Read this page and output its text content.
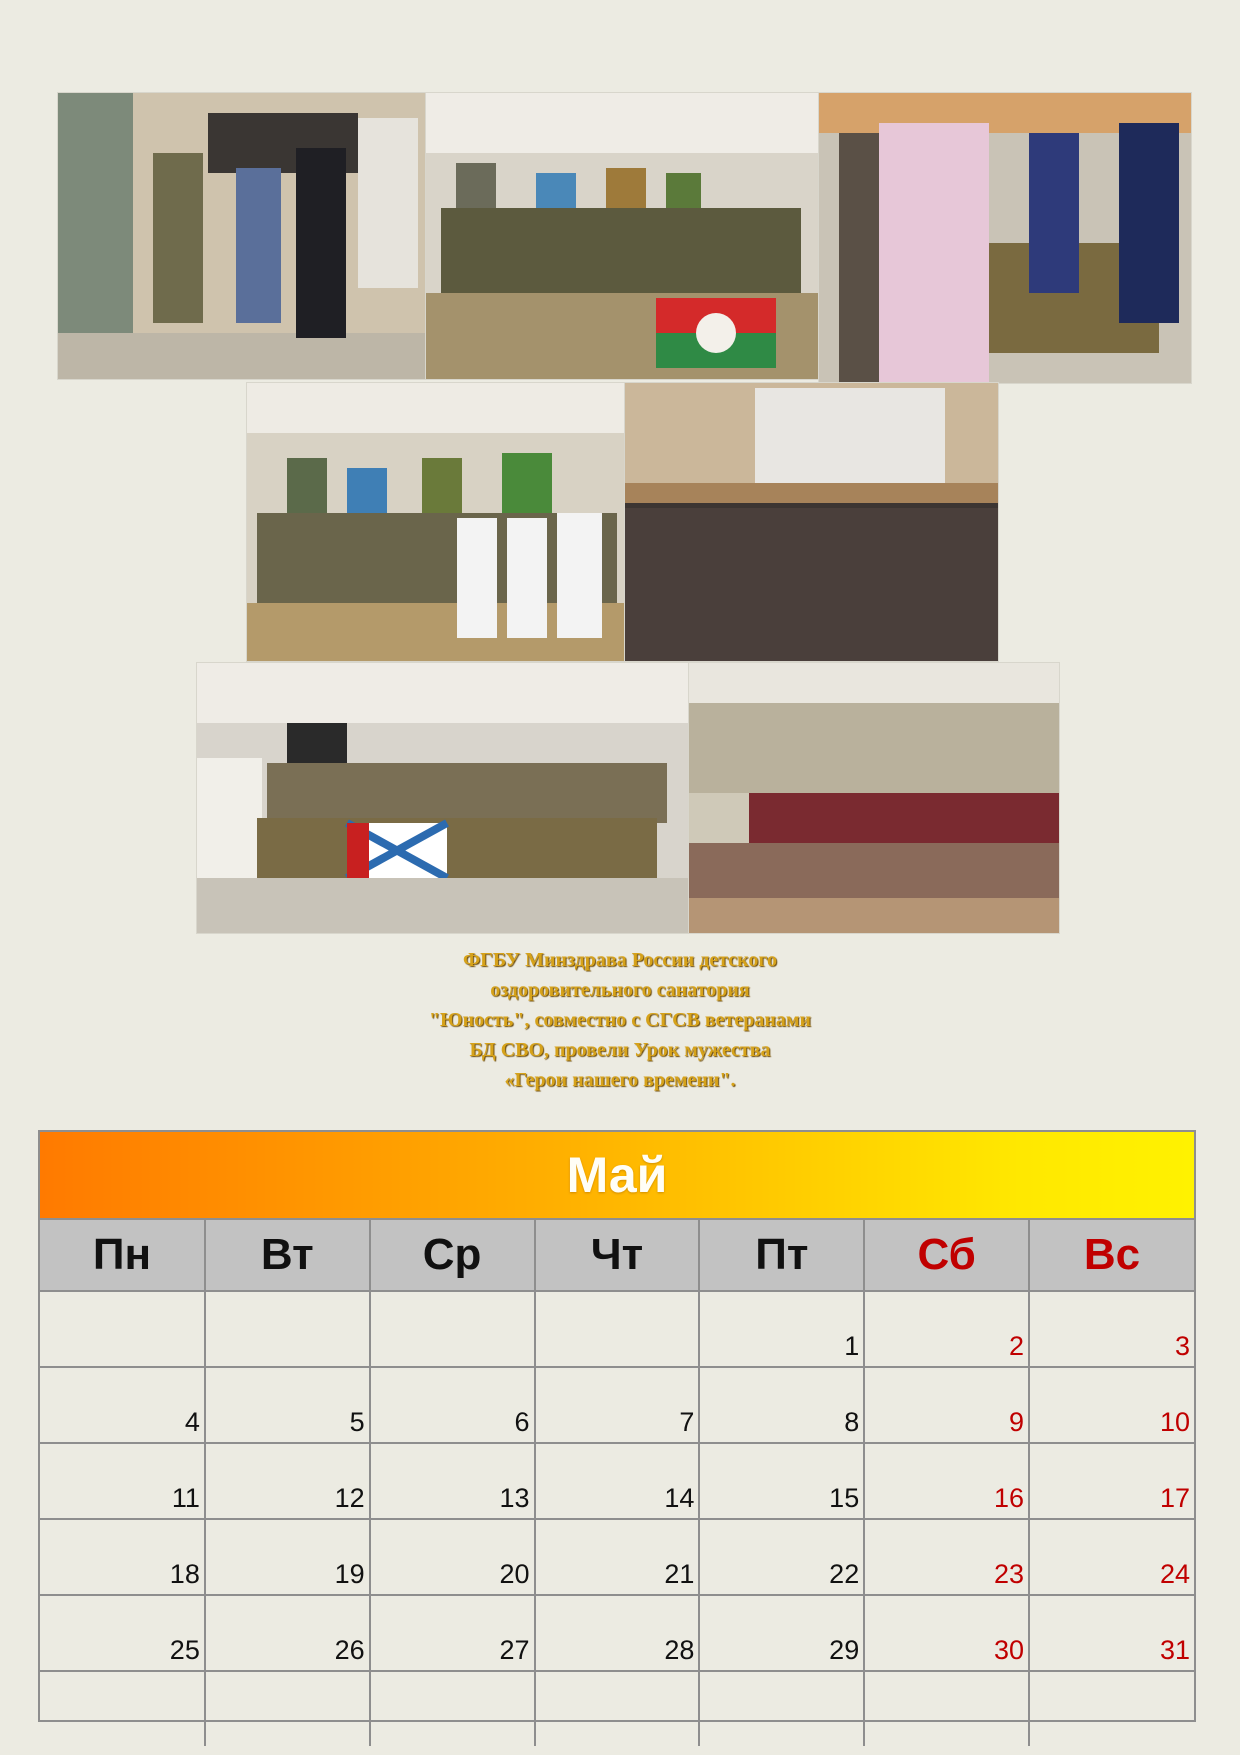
ФГБУ Минздрава России детского
оздоровительного санатория
"Юность", совместно с СГСВ ветеранами
БД СВО, провели Урок мужества
«Герои нашего времени".
Май
Пн	Вт	Ср	Чт	Пт	Сб	Вс
				1	2	3
4	5	6	7	8	9	10
11	12	13	14	15	16	17
18	19	20	21	22	23	24
25	26	27	28	29	30	31
